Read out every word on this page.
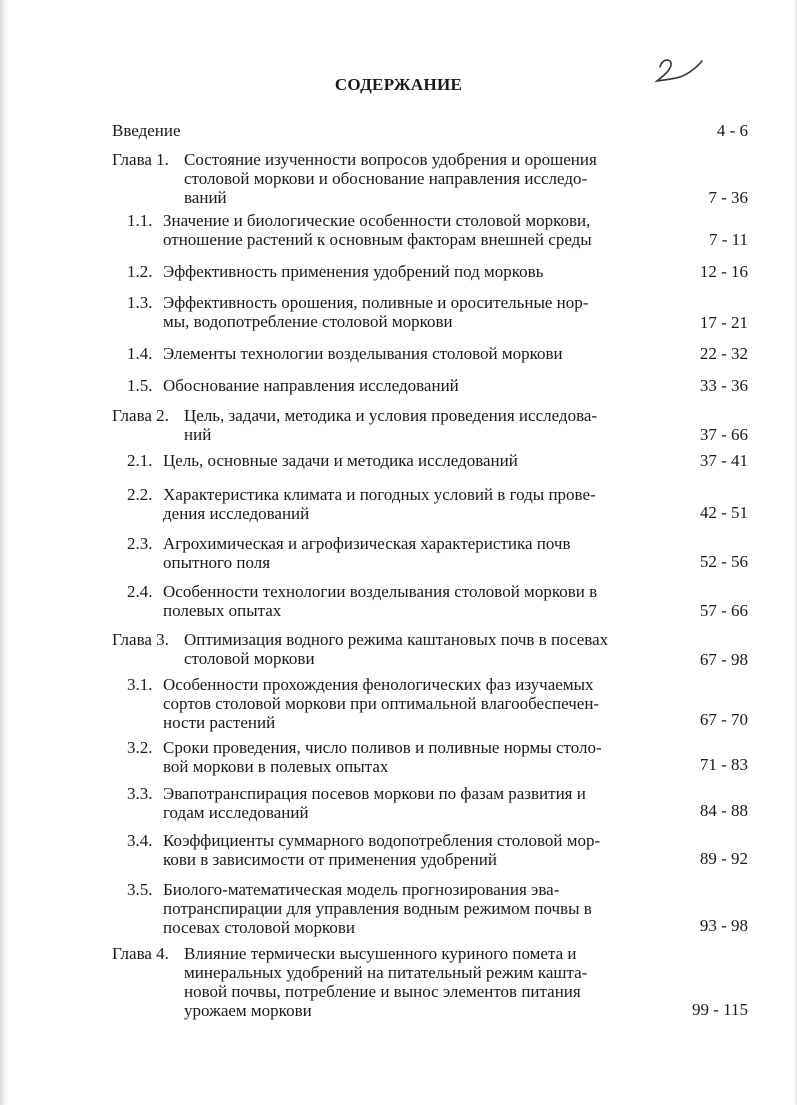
СОДЕРЖАНИЕ
Введение	4 - 6
Глава 1. Состояние изученности вопросов удобрения и орошения
столовой моркови и обоснование направления исследо-
ваний	7 - 36
1.1. Значение и биологические особенности столовой моркови,
отношение растений к основным факторам внешней среды	7 - 11
1.2. Эффективность применения удобрений под морковь	12 - 16
1.3. Эффективность орошения, поливные и оросительные нор-
мы, водопотребление столовой моркови	17 - 21
1.4. Элементы технологии возделывания столовой моркови	22 - 32
1.5. Обоснование направления исследований	33 - 36
Глава 2. Цель, задачи, методика и условия проведения исследова-
ний	37 - 66
2.1. Цель, основные задачи и методика исследований	37 - 41
2.2. Характеристика климата и погодных условий в годы прове-
дения исследований	42 - 51
2.3. Агрохимическая и агрофизическая характеристика почв
опытного поля	52 - 56
2.4. Особенности технологии возделывания столовой моркови в
полевых опытах	57 - 66
Глава 3. Оптимизация водного режима каштановых почв в посевах
столовой моркови	67 - 98
3.1. Особенности прохождения фенологических фаз изучаемых
сортов столовой моркови при оптимальной влагообеспечен-
ности растений	67 - 70
3.2. Сроки проведения, число поливов и поливные нормы столо-
вой моркови в полевых опытах	71 - 83
3.3. Эвапотранспирация посевов моркови по фазам развития и
годам исследований	84 - 88
3.4. Коэффициенты суммарного водопотребления столовой мор-
кови в зависимости от применения удобрений	89 - 92
3.5. Биолого-математическая модель прогнозирования эва-
потранспирации для управления водным режимом почвы в
посевах столовой моркови	93 - 98
Глава 4. Влияние термически высушенного куриного помета и
минеральных удобрений на питательный режим кашта-
новой почвы, потребление и вынос элементов питания
урожаем моркови	99 - 115
